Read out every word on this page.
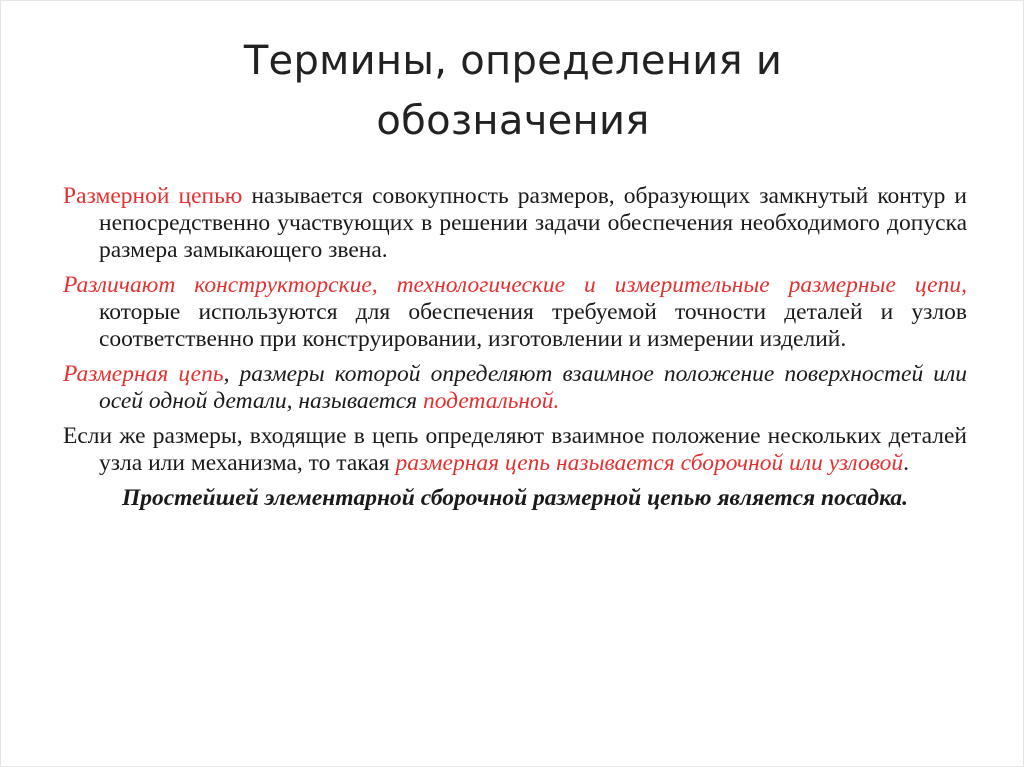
Термины, определения и
обозначения

Размерной цепью называется совокупность размеров, образующих замкнутый контур и непосредственно участвующих в решении задачи обеспечения необходимого допуска размера замыкающего звена.

Различают конструкторские, технологические и измерительные размерные цепи, которые используются для обеспечения требуемой точности деталей и узлов соответственно при конструировании, изготовлении и измерении изделий.

Размерная цепь, размеры которой определяют взаимное положение поверхностей или осей одной детали, называется подетальной.

Если же размеры, входящие в цепь определяют взаимное положение нескольких деталей узла или механизма, то такая размерная цепь называется сборочной или узловой.

Простейшей элементарной сборочной размерной цепью является посадка.
